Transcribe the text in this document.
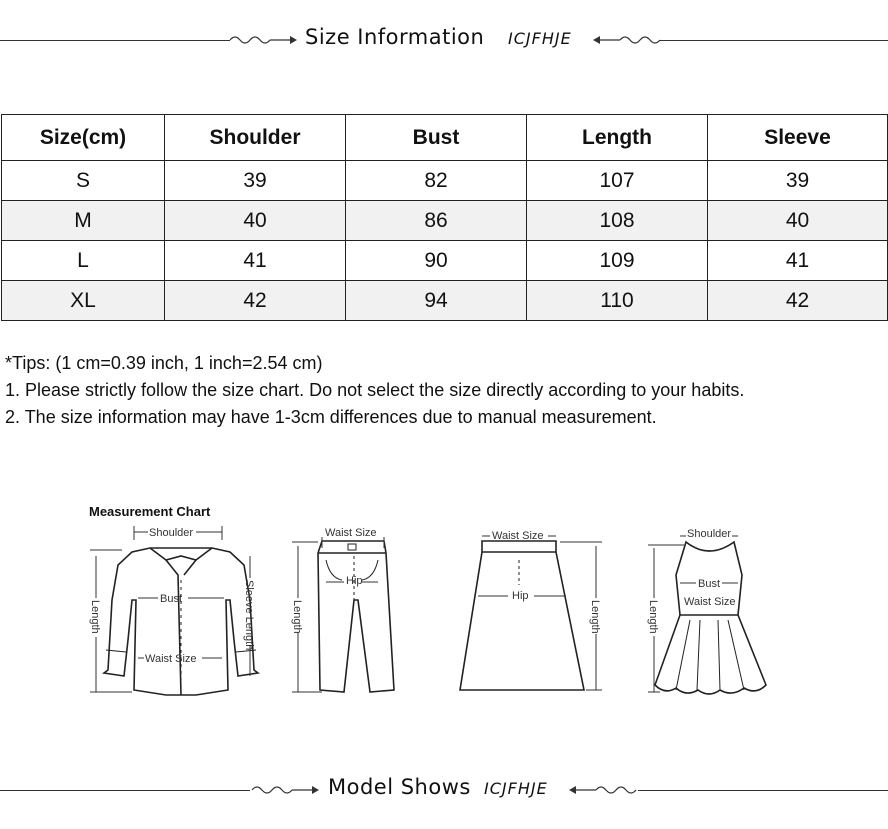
Size Information ICJFHJE
Size(cm)	Shoulder	Bust	Length	Sleeve
S	39	82	107	39
M	40	86	108	40
L	41	90	109	41
XL	42	94	110	42
*Tips: (1 cm=0.39 inch, 1 inch=2.54 cm)
1. Please strictly follow the size chart. Do not select the size directly according to your habits.
2. The size information may have 1-3cm differences due to manual measurement.
Measurement Chart
Shoulder
Bust
Waist Size
Length	Sleeve Length
Waist Size
Hip
Length
Waist Size
Hip
Length
Shoulder
Bust
Waist Size
Length
Model Shows ICJFHJE
